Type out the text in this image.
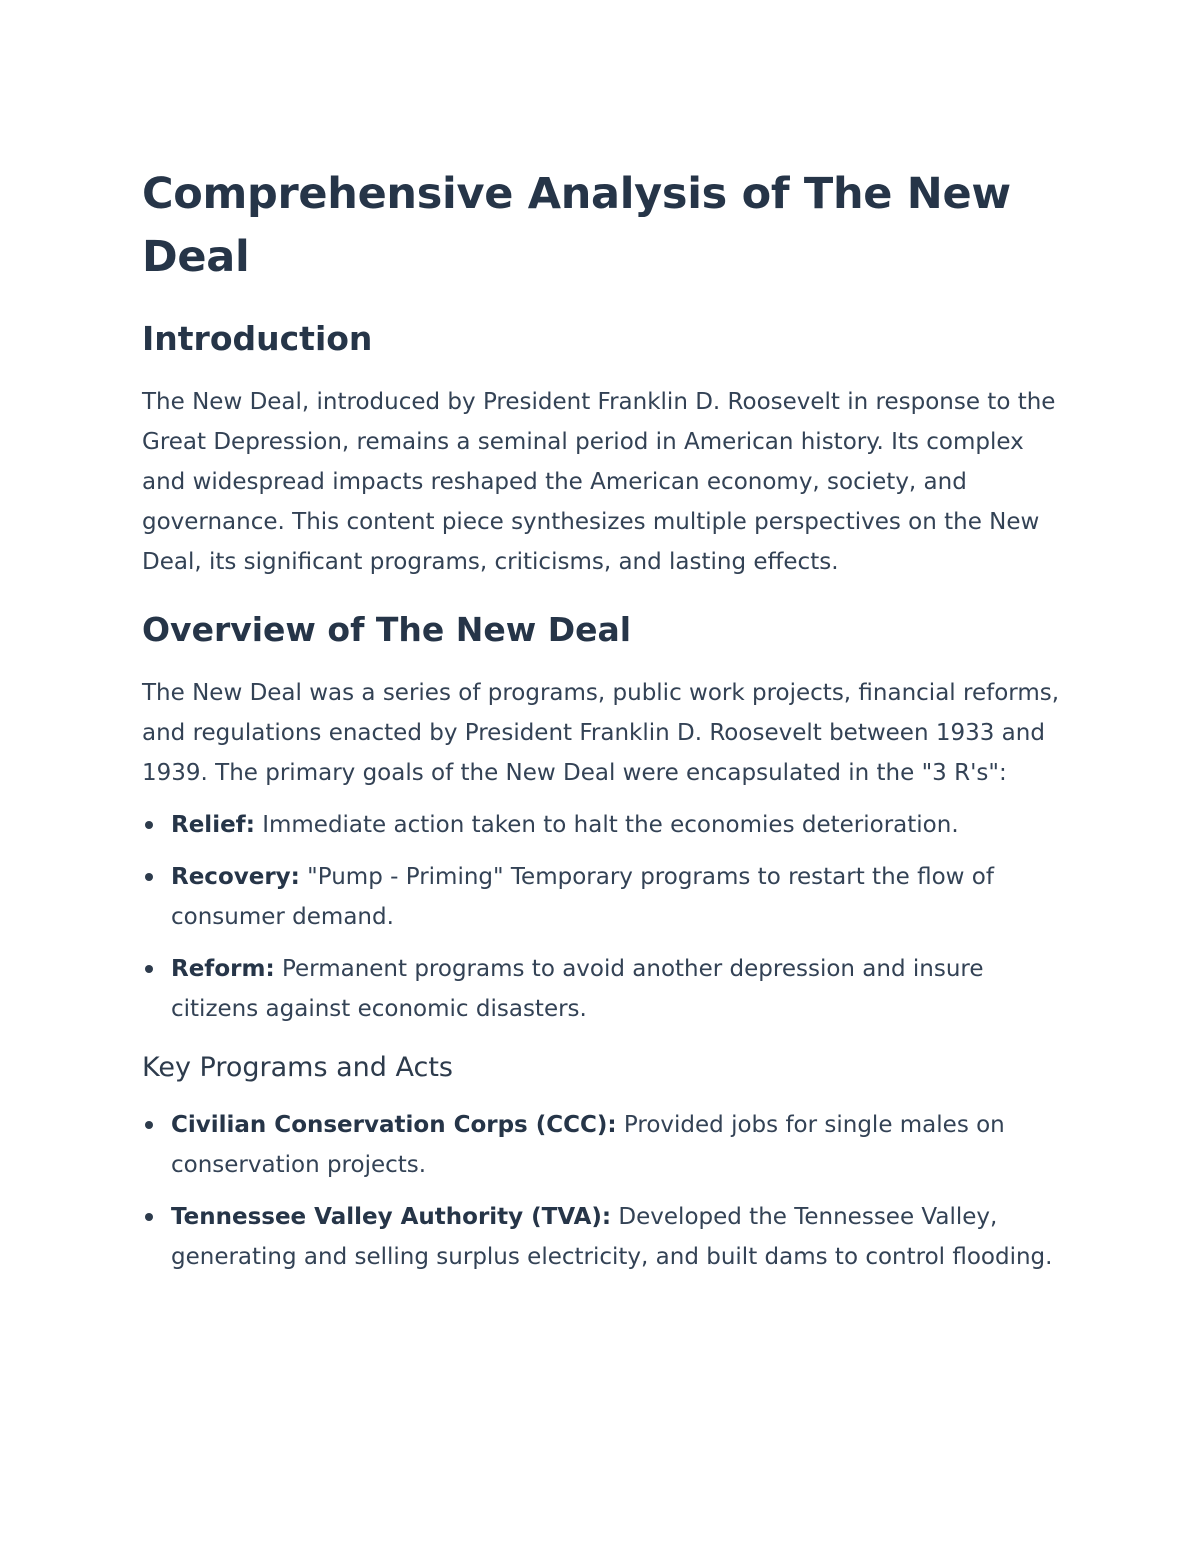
Comprehensive Analysis of The New Deal
Introduction

The New Deal, introduced by President Franklin D. Roosevelt in response to the Great Depression, remains a seminal period in American history. Its complex and widespread impacts reshaped the American economy, society, and governance. This content piece synthesizes multiple perspectives on the New Deal, its significant programs, criticisms, and lasting effects.

Overview of The New Deal

The New Deal was a series of programs, public work projects, financial reforms, and regulations enacted by President Franklin D. Roosevelt between 1933 and 1939. The primary goals of the New Deal were encapsulated in the "3 R's":

Relief: Immediate action taken to halt the economies deterioration.
Recovery: "Pump - Priming" Temporary programs to restart the flow of consumer demand.
Reform: Permanent programs to avoid another depression and insure citizens against economic disasters.
Key Programs and Acts
Civilian Conservation Corps (CCC): Provided jobs for single males on conservation projects.
Tennessee Valley Authority (TVA): Developed the Tennessee Valley, generating and selling surplus electricity, and built dams to control flooding.
